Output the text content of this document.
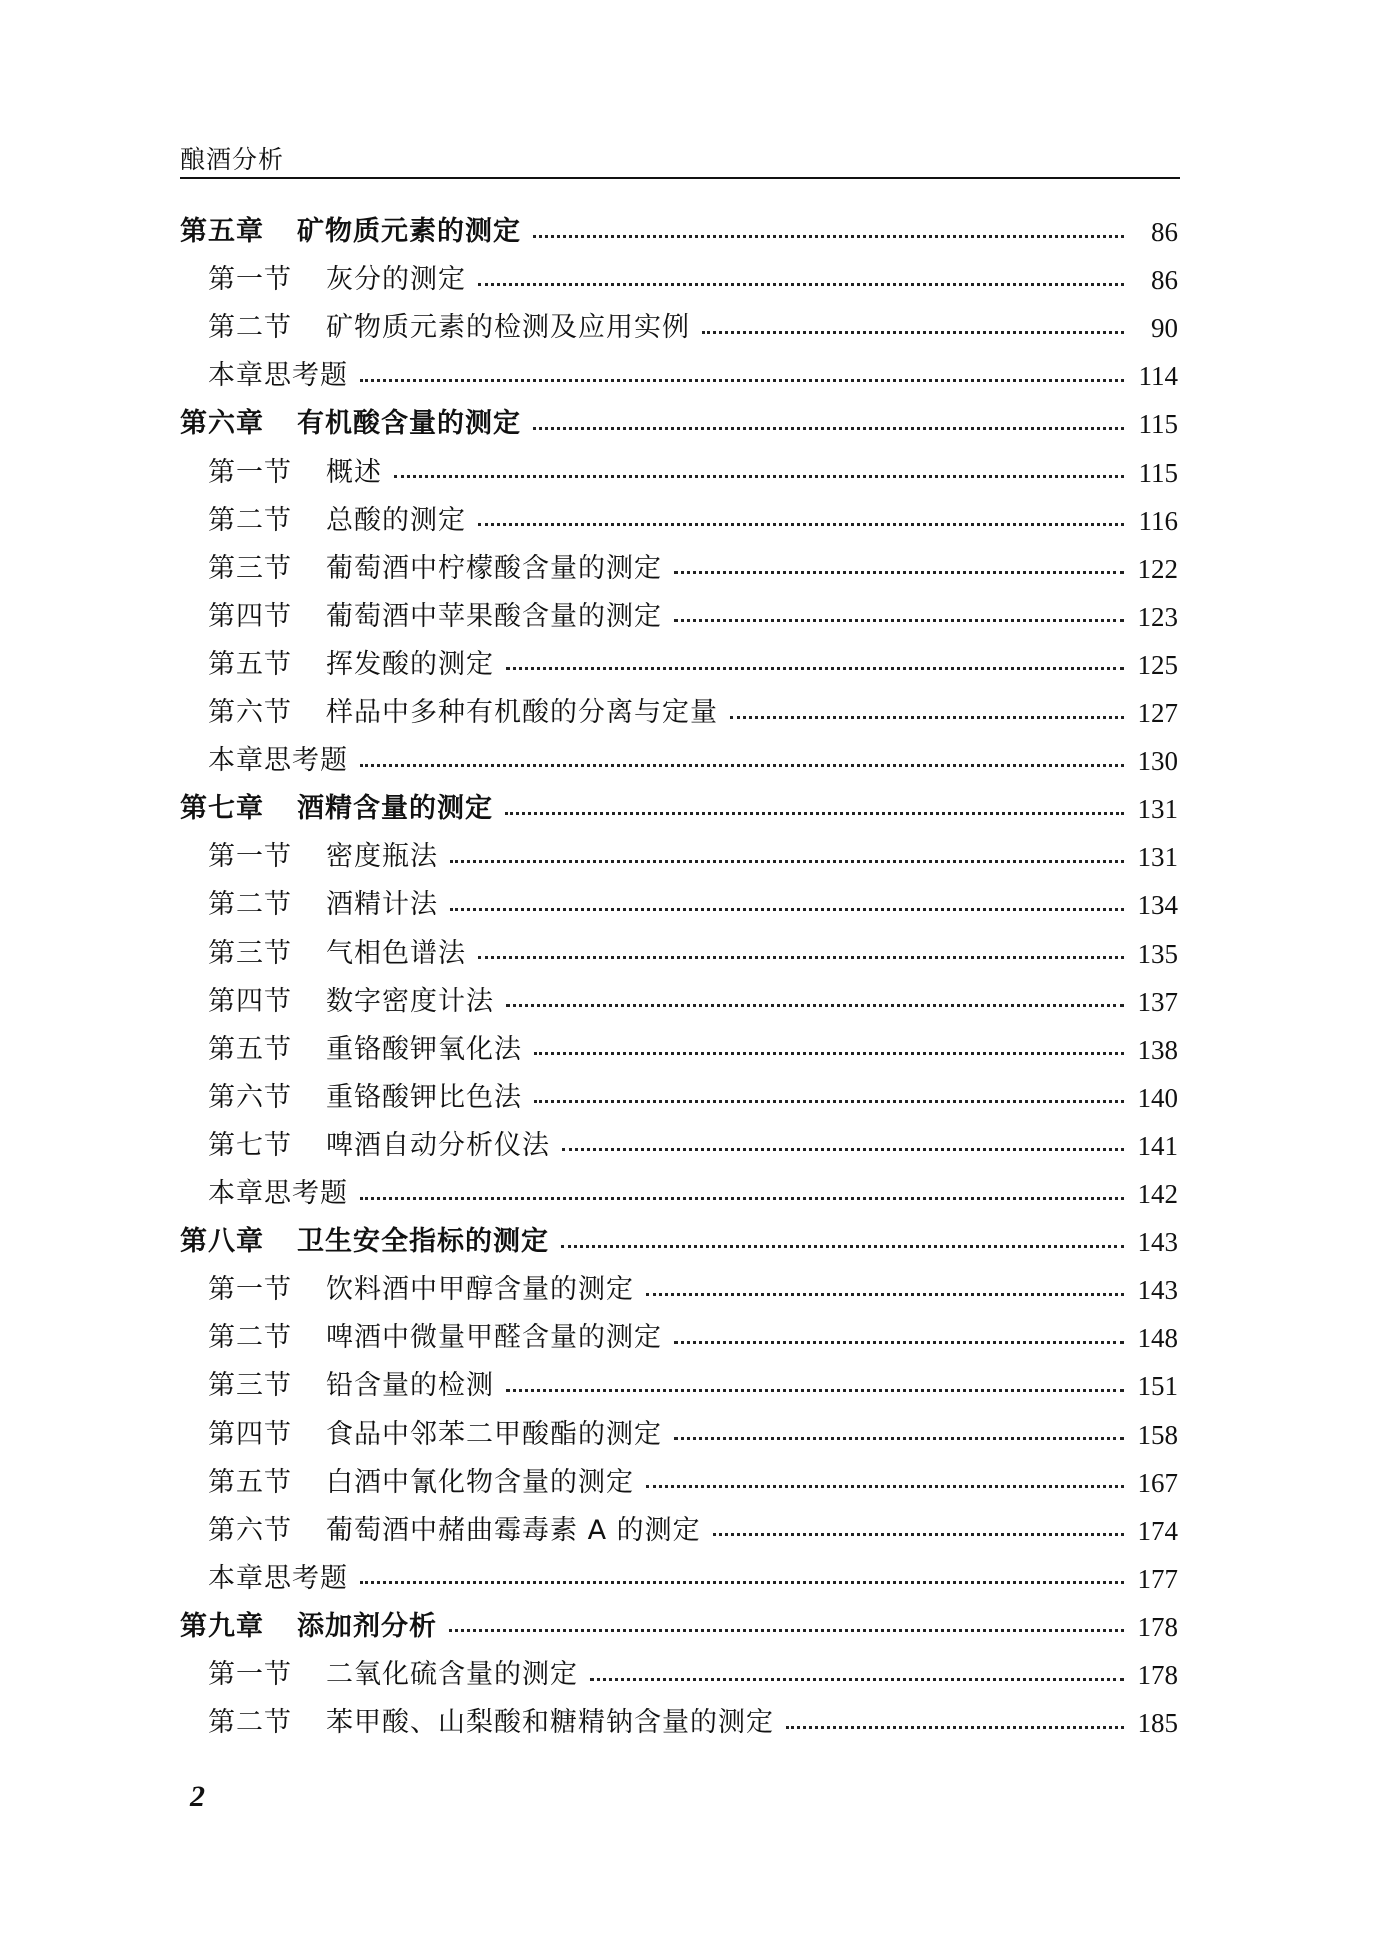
酿酒分析
第五章	矿物质元素的测定	86
第一节	灰分的测定	86
第二节	矿物质元素的检测及应用实例	90
本章思考题	114
第六章	有机酸含量的测定	115
第一节	概述	115
第二节	总酸的测定	116
第三节	葡萄酒中柠檬酸含量的测定	122
第四节	葡萄酒中苹果酸含量的测定	123
第五节	挥发酸的测定	125
第六节	样品中多种有机酸的分离与定量	127
本章思考题	130
第七章	酒精含量的测定	131
第一节	密度瓶法	131
第二节	酒精计法	134
第三节	气相色谱法	135
第四节	数字密度计法	137
第五节	重铬酸钾氧化法	138
第六节	重铬酸钾比色法	140
第七节	啤酒自动分析仪法	141
本章思考题	142
第八章	卫生安全指标的测定	143
第一节	饮料酒中甲醇含量的测定	143
第二节	啤酒中微量甲醛含量的测定	148
第三节	铅含量的检测	151
第四节	食品中邻苯二甲酸酯的测定	158
第五节	白酒中氰化物含量的测定	167
第六节	葡萄酒中赭曲霉毒素 A 的测定	174
本章思考题	177
第九章	添加剂分析	178
第一节	二氧化硫含量的测定	178
第二节	苯甲酸、山梨酸和糖精钠含量的测定	185
2
